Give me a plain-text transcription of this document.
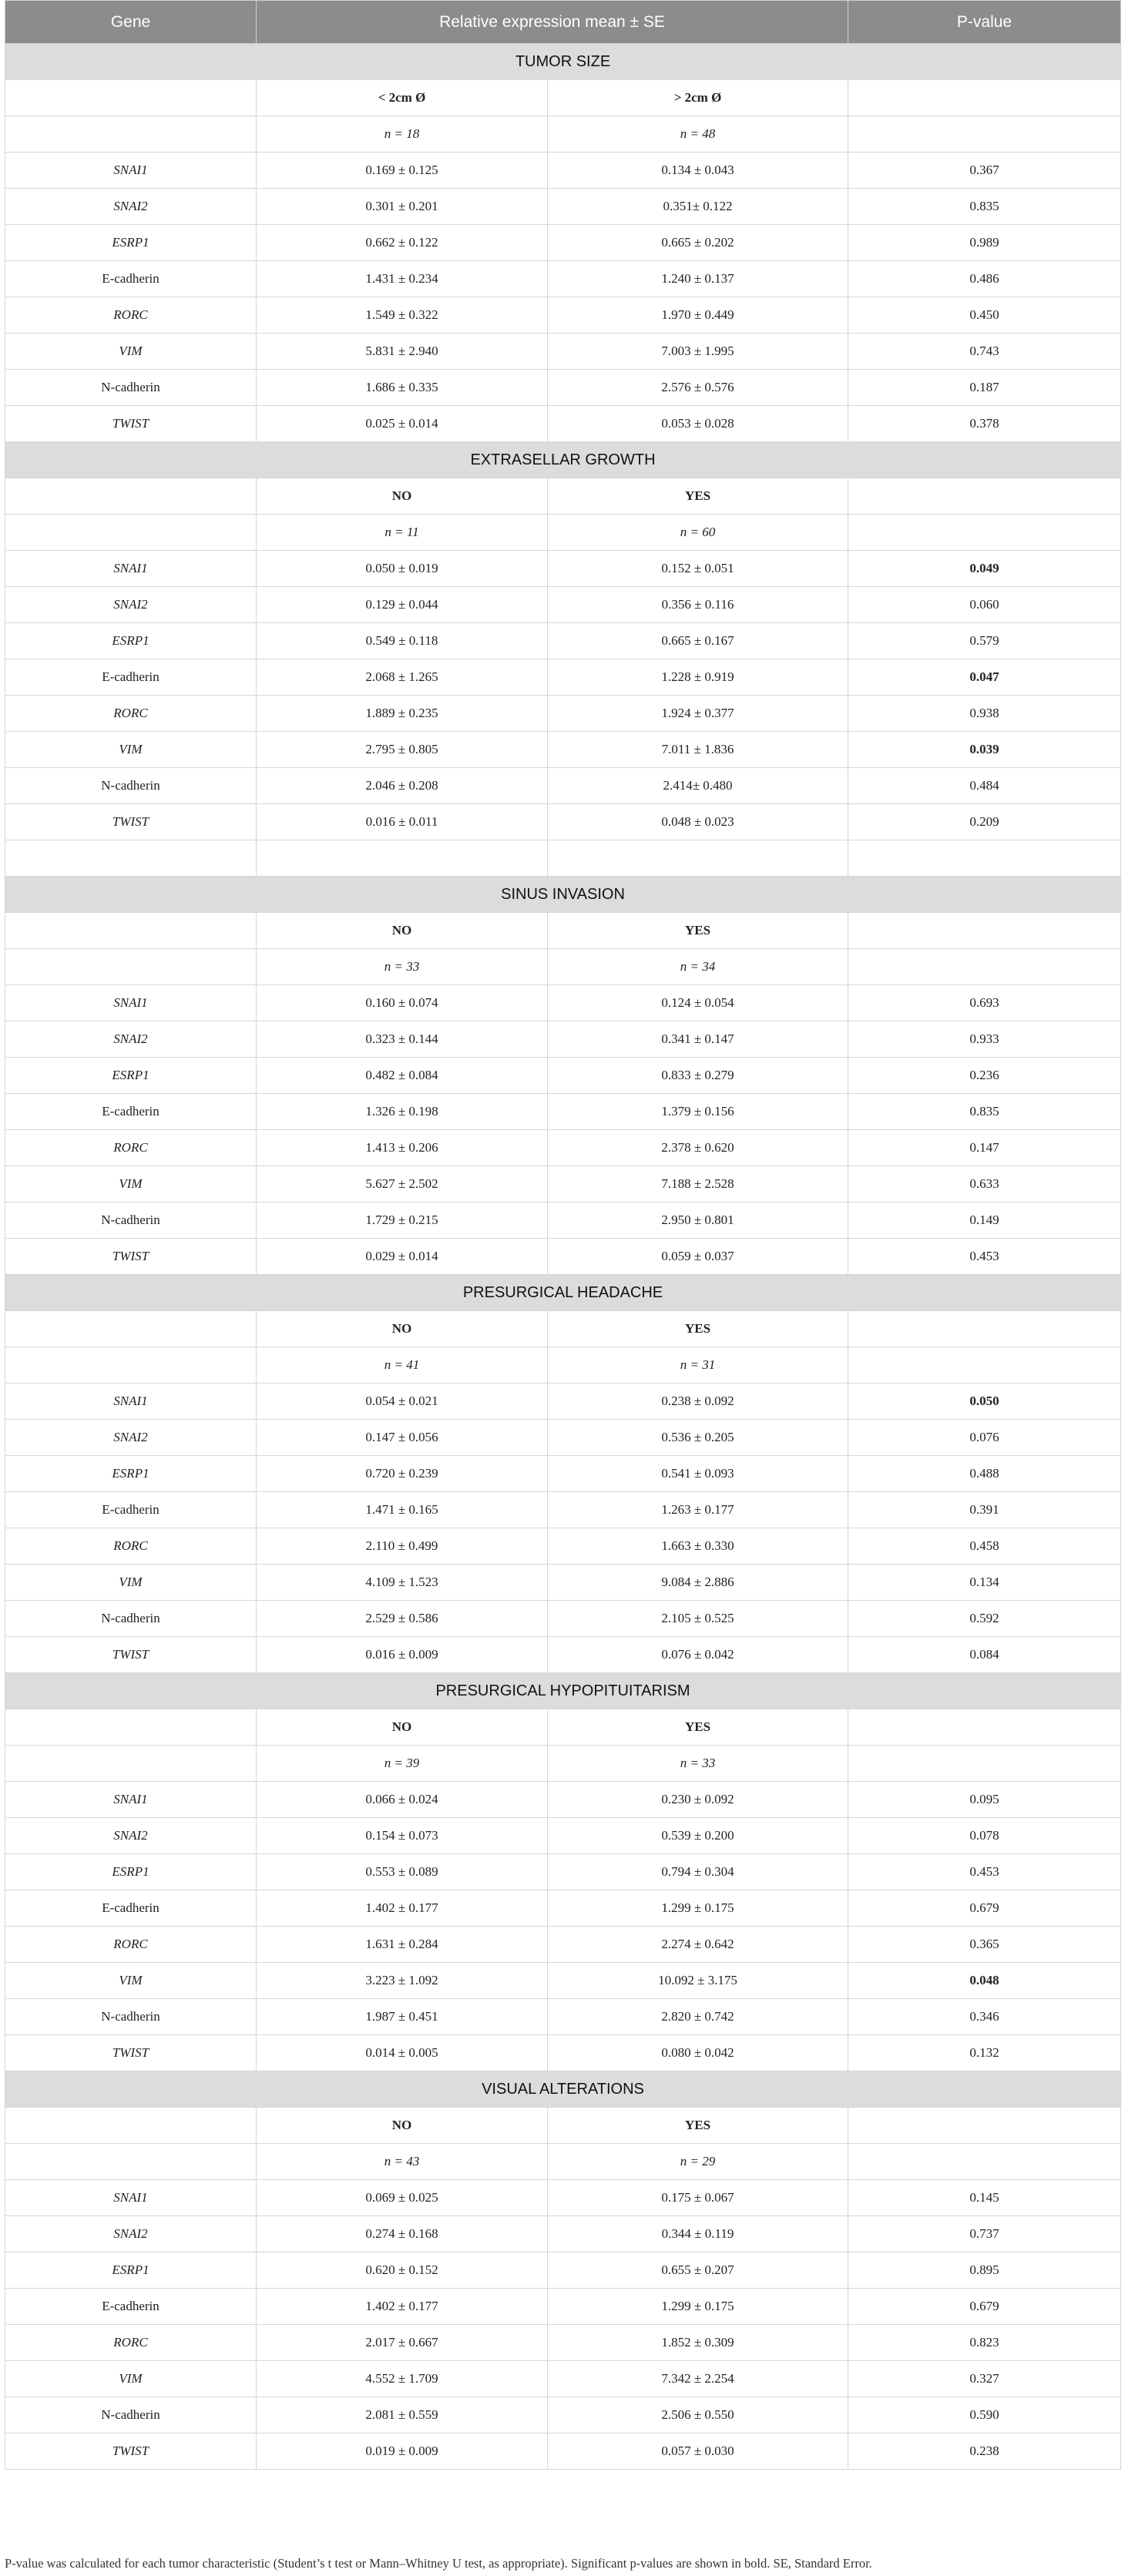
Gene	Relative expression mean ± SE		P-value
TUMOR SIZE			
	< 2cm Ø	> 2cm Ø	
	n = 18	n = 48	
SNAI1	0.169 ± 0.125	0.134 ± 0.043	0.367
SNAI2	0.301 ± 0.201	0.351± 0.122	0.835
ESRP1	0.662 ± 0.122	0.665 ± 0.202	0.989
E-cadherin	1.431 ± 0.234	1.240 ± 0.137	0.486
RORC	1.549 ± 0.322	1.970 ± 0.449	0.450
VIM	5.831 ± 2.940	7.003 ± 1.995	0.743
N-cadherin	1.686 ± 0.335	2.576 ± 0.576	0.187
TWIST	0.025 ± 0.014	0.053 ± 0.028	0.378
EXTRASELLAR GROWTH			
	NO	YES	
	n = 11	n = 60	
SNAI1	0.050 ± 0.019	0.152 ± 0.051	0.049
SNAI2	0.129 ± 0.044	0.356 ± 0.116	0.060
ESRP1	0.549 ± 0.118	0.665 ± 0.167	0.579
E-cadherin	2.068 ± 1.265	1.228 ± 0.919	0.047
RORC	1.889 ± 0.235	1.924 ± 0.377	0.938
VIM	2.795 ± 0.805	7.011 ± 1.836	0.039
N-cadherin	2.046 ± 0.208	2.414± 0.480	0.484
TWIST	0.016 ± 0.011	0.048 ± 0.023	0.209

SINUS INVASION			
	NO	YES	
	n = 33	n = 34	
SNAI1	0.160 ± 0.074	0.124 ± 0.054	0.693
SNAI2	0.323 ± 0.144	0.341 ± 0.147	0.933
ESRP1	0.482 ± 0.084	0.833 ± 0.279	0.236
E-cadherin	1.326 ± 0.198	1.379 ± 0.156	0.835
RORC	1.413 ± 0.206	2.378 ± 0.620	0.147
VIM	5.627 ± 2.502	7.188 ± 2.528	0.633
N-cadherin	1.729 ± 0.215	2.950 ± 0.801	0.149
TWIST	0.029 ± 0.014	0.059 ± 0.037	0.453
PRESURGICAL HEADACHE			
	NO	YES	
	n = 41	n = 31	
SNAI1	0.054 ± 0.021	0.238 ± 0.092	0.050
SNAI2	0.147 ± 0.056	0.536 ± 0.205	0.076
ESRP1	0.720 ± 0.239	0.541 ± 0.093	0.488
E-cadherin	1.471 ± 0.165	1.263 ± 0.177	0.391
RORC	2.110 ± 0.499	1.663 ± 0.330	0.458
VIM	4.109 ± 1.523	9.084 ± 2.886	0.134
N-cadherin	2.529 ± 0.586	2.105 ± 0.525	0.592
TWIST	0.016 ± 0.009	0.076 ± 0.042	0.084
PRESURGICAL HYPOPITUITARISM			
	NO	YES	
	n = 39	n = 33	
SNAI1	0.066 ± 0.024	0.230 ± 0.092	0.095
SNAI2	0.154 ± 0.073	0.539 ± 0.200	0.078
ESRP1	0.553 ± 0.089	0.794 ± 0.304	0.453
E-cadherin	1.402 ± 0.177	1.299 ± 0.175	0.679
RORC	1.631 ± 0.284	2.274 ± 0.642	0.365
VIM	3.223 ± 1.092	10.092 ± 3.175	0.048
N-cadherin	1.987 ± 0.451	2.820 ± 0.742	0.346
TWIST	0.014 ± 0.005	0.080 ± 0.042	0.132
VISUAL ALTERATIONS			
	NO	YES	
	n = 43	n = 29	
SNAI1	0.069 ± 0.025	0.175 ± 0.067	0.145
SNAI2	0.274 ± 0.168	0.344 ± 0.119	0.737
ESRP1	0.620 ± 0.152	0.655 ± 0.207	0.895
E-cadherin	1.402 ± 0.177	1.299 ± 0.175	0.679
RORC	2.017 ± 0.667	1.852 ± 0.309	0.823
VIM	4.552 ± 1.709	7.342 ± 2.254	0.327
N-cadherin	2.081 ± 0.559	2.506 ± 0.550	0.590
TWIST	0.019 ± 0.009	0.057 ± 0.030	0.238
P-value was calculated for each tumor characteristic (Student’s t test or Mann–Whitney U test, as appropriate). Significant p-values are shown in bold. SE, Standard Error.
